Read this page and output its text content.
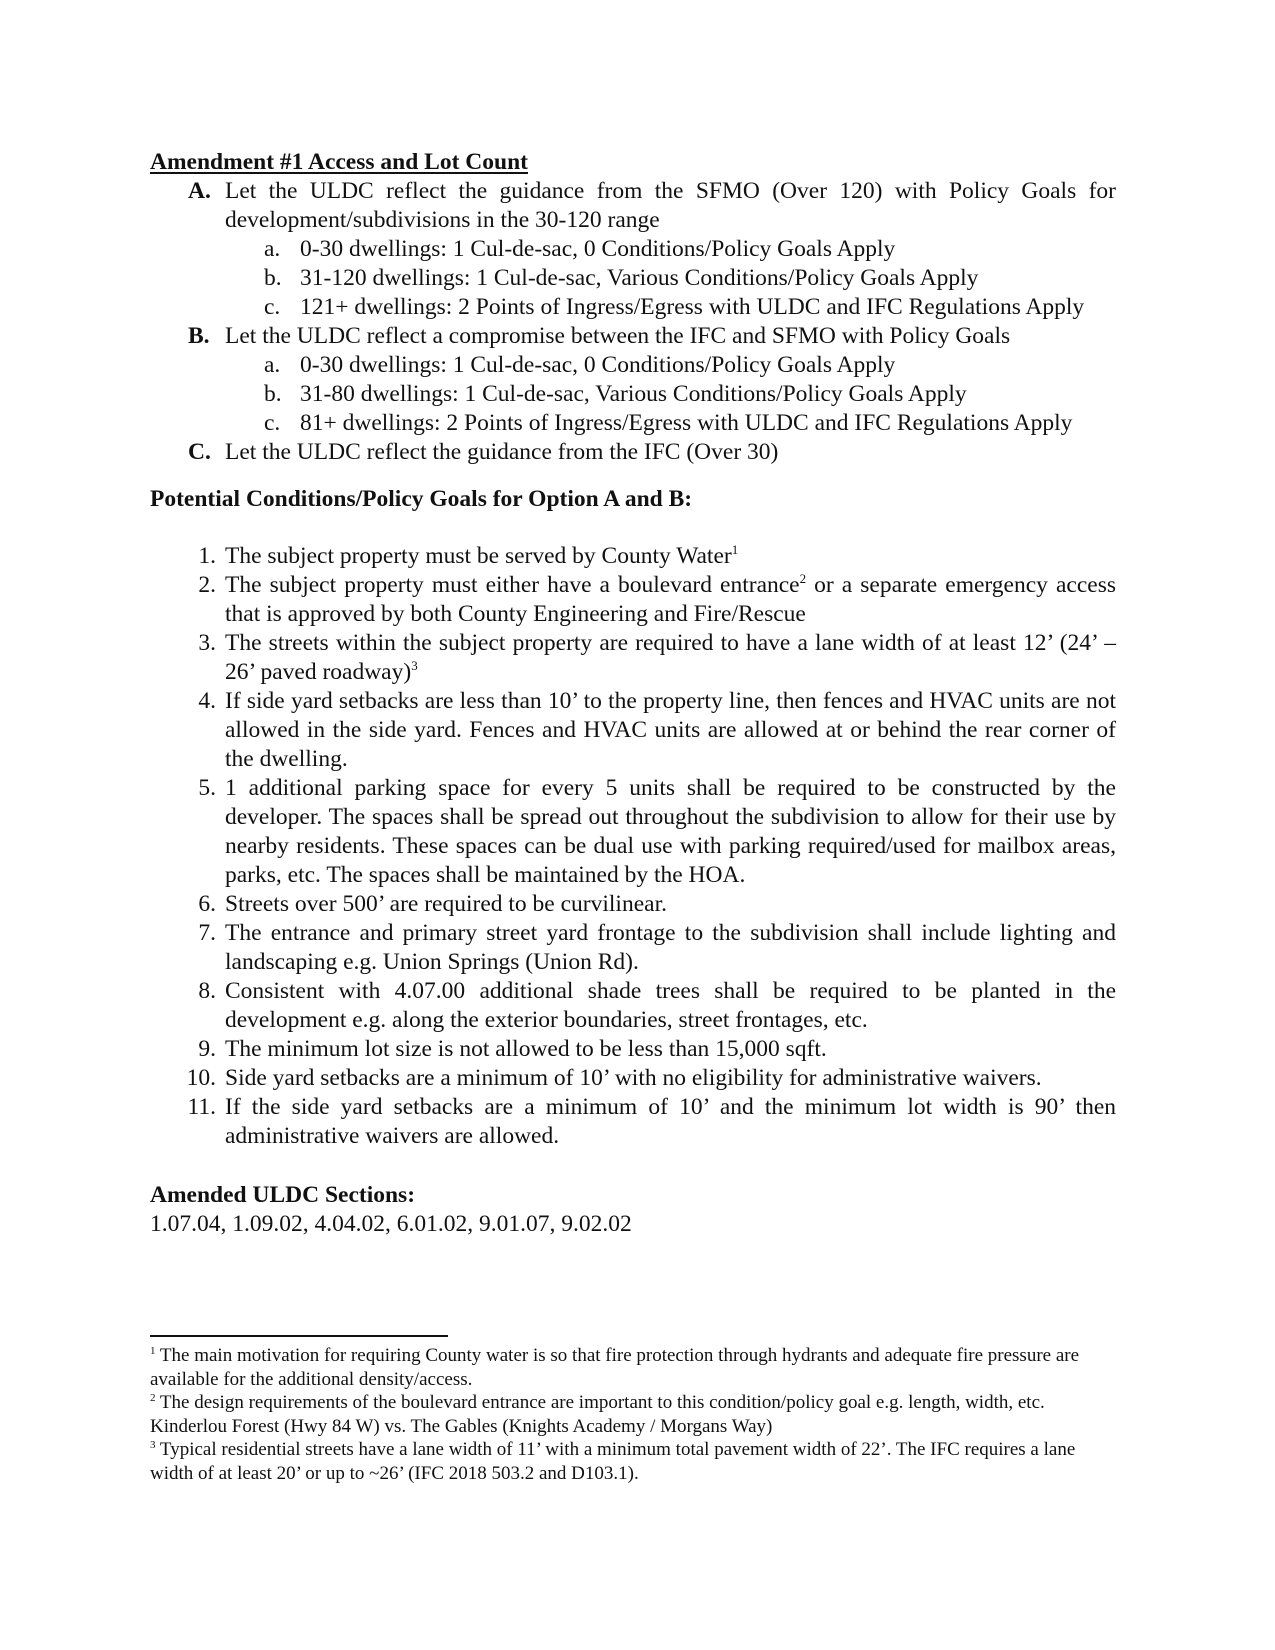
Amendment #1 Access and Lot Count
A. Let the ULDC reflect the guidance from the SFMO (Over 120) with Policy Goals for development/subdivisions in the 30-120 range
a. 0-30 dwellings: 1 Cul-de-sac, 0 Conditions/Policy Goals Apply
b. 31-120 dwellings: 1 Cul-de-sac, Various Conditions/Policy Goals Apply
c. 121+ dwellings: 2 Points of Ingress/Egress with ULDC and IFC Regulations Apply
B. Let the ULDC reflect a compromise between the IFC and SFMO with Policy Goals
a. 0-30 dwellings: 1 Cul-de-sac, 0 Conditions/Policy Goals Apply
b. 31-80 dwellings: 1 Cul-de-sac, Various Conditions/Policy Goals Apply
c. 81+ dwellings: 2 Points of Ingress/Egress with ULDC and IFC Regulations Apply
C. Let the ULDC reflect the guidance from the IFC (Over 30)
Potential Conditions/Policy Goals for Option A and B:
1. The subject property must be served by County Water$^1$
2. The subject property must either have a boulevard entrance$^2$ or a separate emergency access that is approved by both County Engineering and Fire/Rescue
3. The streets within the subject property are required to have a lane width of at least 12’ (24’ – 26’ paved roadway)$^3$
4. If side yard setbacks are less than 10’ to the property line, then fences and HVAC units are not allowed in the side yard. Fences and HVAC units are allowed at or behind the rear corner of the dwelling.
5. 1 additional parking space for every 5 units shall be required to be constructed by the developer. The spaces shall be spread out throughout the subdivision to allow for their use by nearby residents. These spaces can be dual use with parking required/used for mailbox areas, parks, etc. The spaces shall be maintained by the HOA.
6. Streets over 500’ are required to be curvilinear.
7. The entrance and primary street yard frontage to the subdivision shall include lighting and landscaping e.g. Union Springs (Union Rd).
8. Consistent with 4.07.00 additional shade trees shall be required to be planted in the development e.g. along the exterior boundaries, street frontages, etc.
9. The minimum lot size is not allowed to be less than 15,000 sqft.
10. Side yard setbacks are a minimum of 10’ with no eligibility for administrative waivers.
11. If the side yard setbacks are a minimum of 10’ and the minimum lot width is 90’ then administrative waivers are allowed.
Amended ULDC Sections:
1.07.04, 1.09.02, 4.04.02, 6.01.02, 9.01.07, 9.02.02
$^1$ The main motivation for requiring County water is so that fire protection through hydrants and adequate fire pressure are available for the additional density/access.
$^2$ The design requirements of the boulevard entrance are important to this condition/policy goal e.g. length, width, etc. Kinderlou Forest (Hwy 84 W) vs. The Gables (Knights Academy / Morgans Way)
$^3$ Typical residential streets have a lane width of 11’ with a minimum total pavement width of 22’. The IFC requires a lane width of at least 20’ or up to ~26’ (IFC 2018 503.2 and D103.1).
